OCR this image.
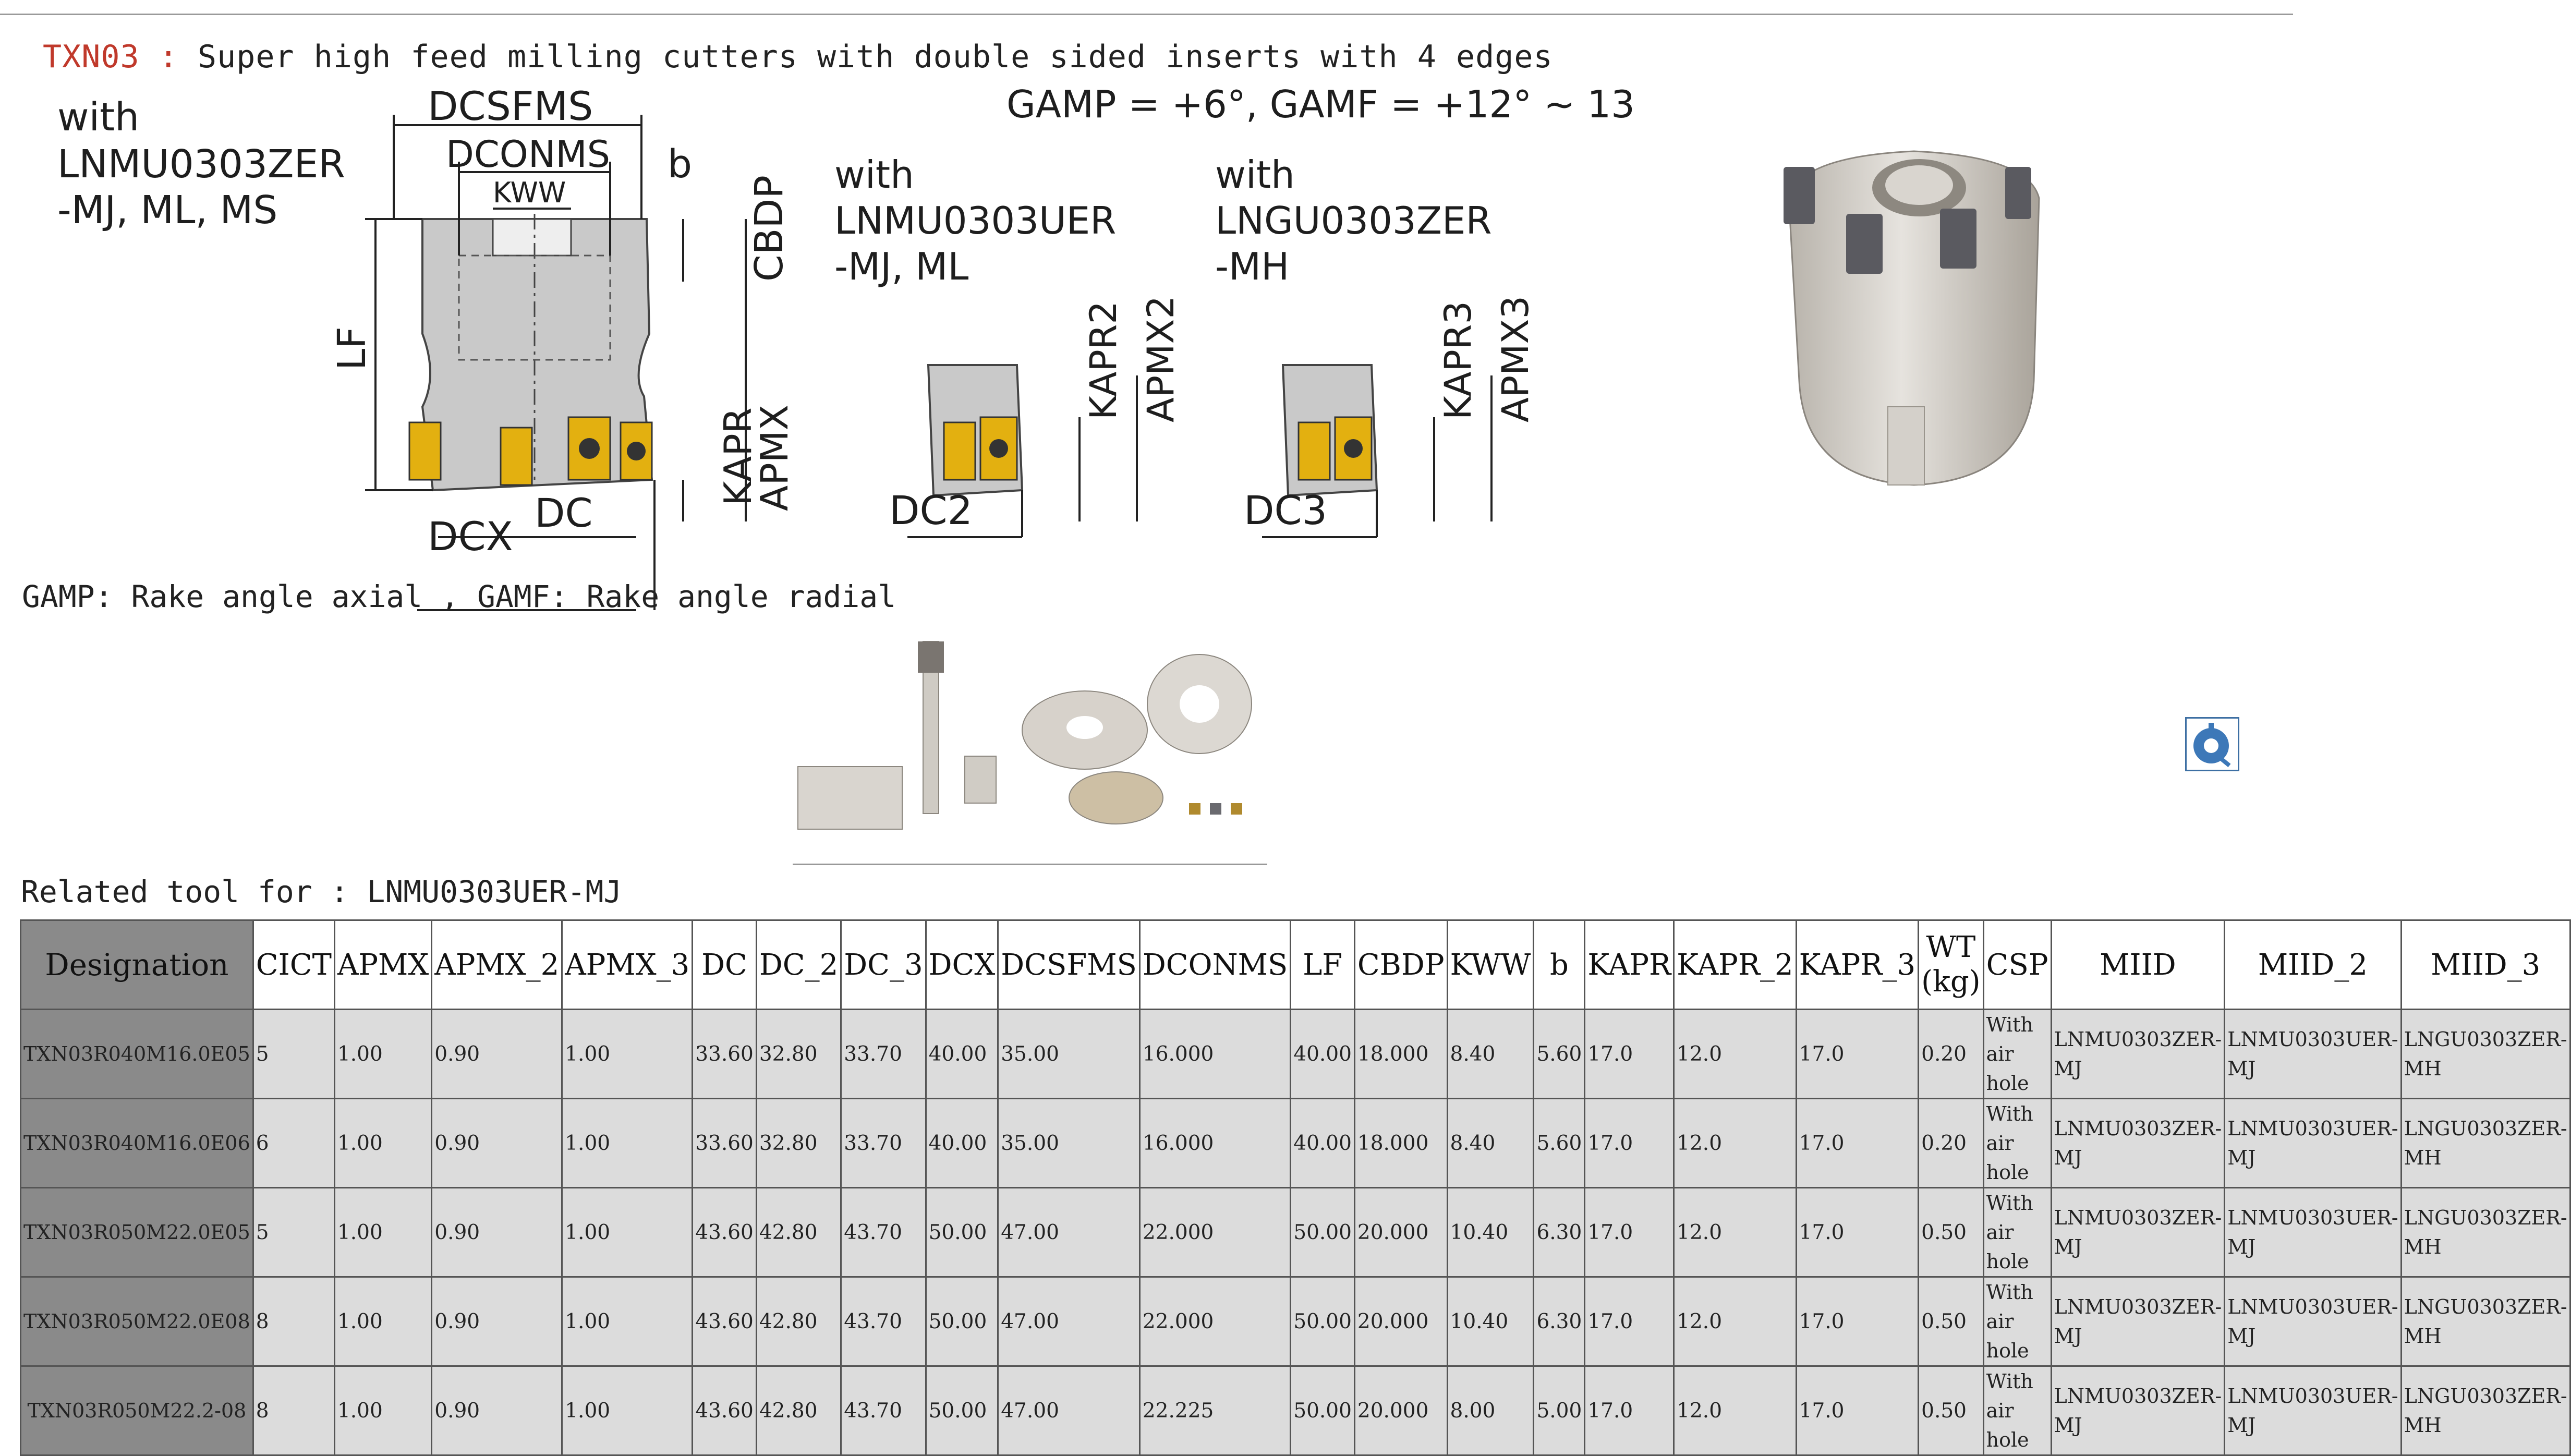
TXN03 : Super high feed milling cutters with double sided inserts with 4 edges
with
LNMU0303ZER
-MJ, ML, MS
DCSFMS
DCONMS
KWW
b
CBDP
LF
KAPR
APMX
DC
DCX
GAMP = +6°, GAMF = +12° ~ 13
with
LNMU0303UER
-MJ, ML
KAPR2 APMX2
DC2
with
LNGU0303ZER
-MH
KAPR3 APMX3
DC3
GAMP: Rake angle axial , GAMF: Rake angle radial
Related tool for : LNMU0303UER-MJ
Designation	CICT	APMX	APMX_2	APMX_3	DC	DC_2	DC_3	DCX	DCSFMS	DCONMS	LF	CBDP	KWW	b	KAPR	KAPR_2	KAPR_3	WT (kg)	CSP	MIID	MIID_2	MIID_3
TXN03R040M16.0E05	5	1.00	0.90	1.00	33.60	32.80	33.70	40.00	35.00	16.000	40.00	18.000	8.40	5.60	17.0	12.0	17.0	0.20	With air hole	LNMU0303ZER-MJ	LNMU0303UER-MJ	LNGU0303ZER-MH
TXN03R040M16.0E06	6	1.00	0.90	1.00	33.60	32.80	33.70	40.00	35.00	16.000	40.00	18.000	8.40	5.60	17.0	12.0	17.0	0.20	With air hole	LNMU0303ZER-MJ	LNMU0303UER-MJ	LNGU0303ZER-MH
TXN03R050M22.0E05	5	1.00	0.90	1.00	43.60	42.80	43.70	50.00	47.00	22.000	50.00	20.000	10.40	6.30	17.0	12.0	17.0	0.50	With air hole	LNMU0303ZER-MJ	LNMU0303UER-MJ	LNGU0303ZER-MH
TXN03R050M22.0E08	8	1.00	0.90	1.00	43.60	42.80	43.70	50.00	47.00	22.000	50.00	20.000	10.40	6.30	17.0	12.0	17.0	0.50	With air hole	LNMU0303ZER-MJ	LNMU0303UER-MJ	LNGU0303ZER-MH
TXN03R050M22.2-08	8	1.00	0.90	1.00	43.60	42.80	43.70	50.00	47.00	22.225	50.00	20.000	8.00	5.00	17.0	12.0	17.0	0.50	With air hole	LNMU0303ZER-MJ	LNMU0303UER-MJ	LNGU0303ZER-MH
